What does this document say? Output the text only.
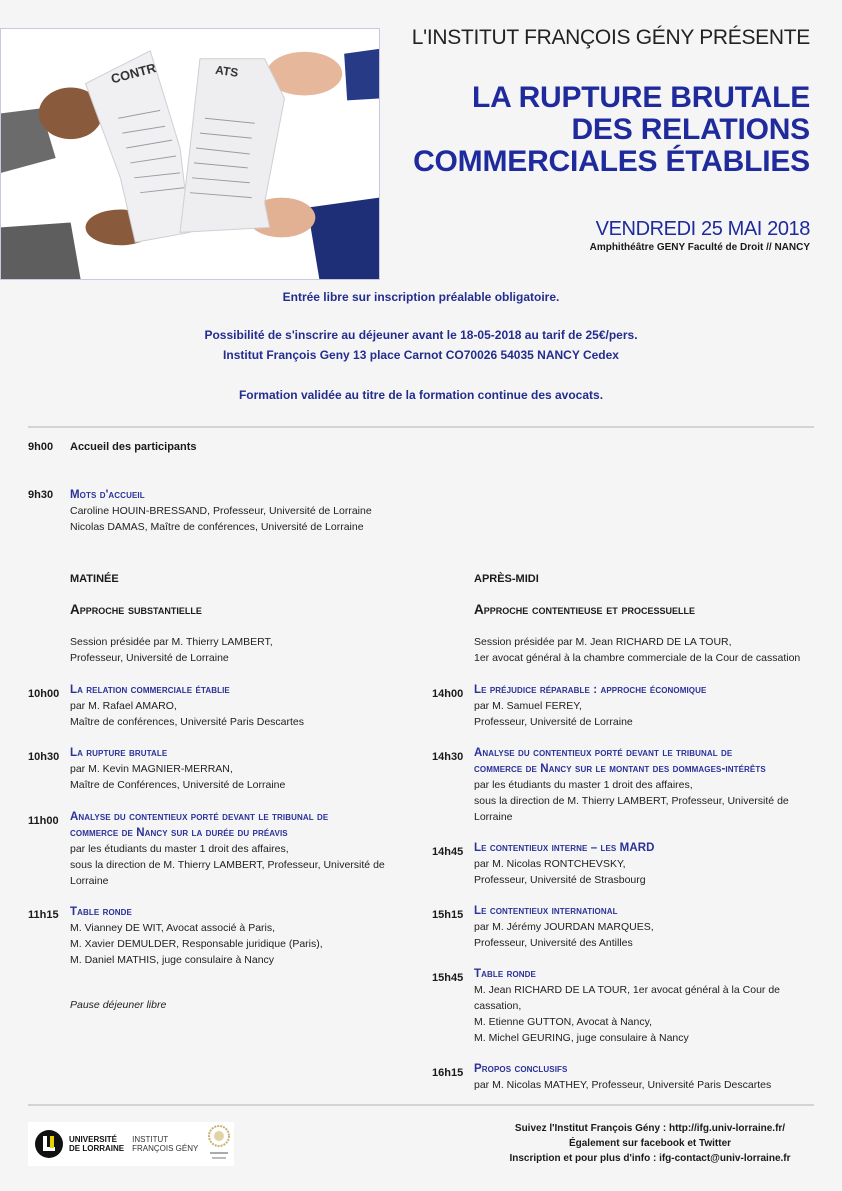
CONTR	ATS
L'INSTITUT FRANÇOIS GÉNY PRÉSENTE
LA RUPTURE BRUTALE
DES RELATIONS
COMMERCIALES ÉTABLIES
VENDREDI 25 MAI 2018
Amphithéâtre GENY Faculté de Droit // NANCY
Entrée libre sur inscription préalable obligatoire.
Possibilité de s'inscrire au déjeuner avant le 18-05-2018 au tarif de 25€/pers.
Institut François Geny 13 place Carnot CO70026 54035 NANCY Cedex
Formation validée au titre de la formation continue des avocats.
9h00 Accueil des participants
9h30 Mots d'accueil
Caroline HOUIN-BRESSAND, Professeur, Université de Lorraine
Nicolas DAMAS, Maître de conférences, Université de Lorraine
MATINÉE
Approche substantielle
Session présidée par M. Thierry LAMBERT,
Professeur, Université de Lorraine
10h00 La relation commerciale établie
par M. Rafael AMARO,
Maître de conférences, Université Paris Descartes
10h30 La rupture brutale
par M. Kevin MAGNIER-MERRAN,
Maître de Conférences, Université de Lorraine
11h00 Analyse du contentieux porté devant le tribunal de
commerce de Nancy sur la durée du préavis
par les étudiants du master 1 droit des affaires,
sous la direction de M. Thierry LAMBERT, Professeur, Université de
Lorraine
11h15 Table ronde
M. Vianney DE WIT, Avocat associé à Paris,
M. Xavier DEMULDER, Responsable juridique (Paris),
M. Daniel MATHIS, juge consulaire à Nancy
Pause déjeuner libre
APRÈS-MIDI
Approche contentieuse et processuelle
Session présidée par M. Jean RICHARD DE LA TOUR,
1er avocat général à la chambre commerciale de la Cour de cassation
14h00 Le préjudice réparable : approche économique
par M. Samuel FEREY,
Professeur, Université de Lorraine
14h30 Analyse du contentieux porté devant le tribunal de
commerce de Nancy sur le montant des dommages-intérêts
par les étudiants du master 1 droit des affaires,
sous la direction de M. Thierry LAMBERT, Professeur, Université de
Lorraine
14h45 Le contentieux interne – les MARD
par M. Nicolas RONTCHEVSKY,
Professeur, Université de Strasbourg
15h15 Le contentieux international
par M. Jérémy JOURDAN MARQUES,
Professeur, Université des Antilles
15h45 Table ronde
M. Jean RICHARD DE LA TOUR, 1er avocat général à la Cour de
cassation,
M. Etienne GUTTON, Avocat à Nancy,
M. Michel GEURING, juge consulaire à Nancy
16h15 Propos conclusifs
par M. Nicolas MATHEY, Professeur, Université Paris Descartes
UNIVERSITÉ
DE LORRAINE
INSTITUT
FRANÇOIS GÉNY
Suivez l'Institut François Gény : http://ifg.univ-lorraine.fr/
Également sur facebook et Twitter
Inscription et pour plus d'info : ifg-contact@univ-lorraine.fr
